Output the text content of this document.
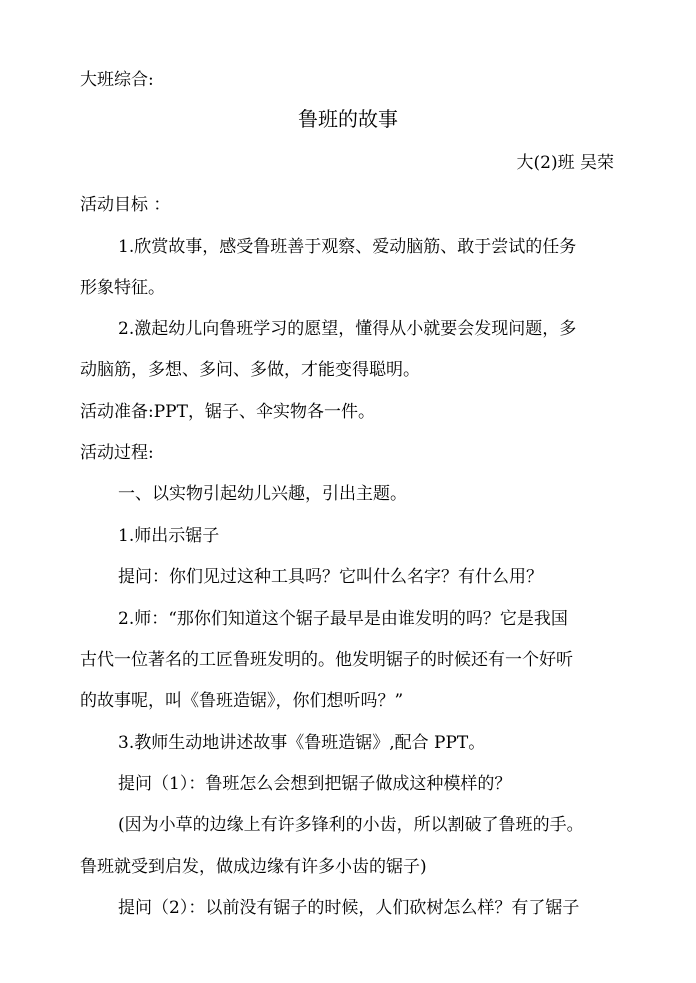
大班综合:
鲁班的故事
大(2)班 吴荣
活动目标 ：
1.欣赏故事，感受鲁班善于观察、爱动脑筋、敢于尝试的任务
形象特征。
2.激起幼儿向鲁班学习的愿望，懂得从小就要会发现问题，多
动脑筋，多想、多问、多做，才能变得聪明。
活动准备:PPT，锯子、伞实物各一件。
活动过程:
一、以实物引起幼儿兴趣，引出主题。
1.师出示锯子
提问：你们见过这种工具吗？它叫什么名字？有什么用？
2.师：“那你们知道这个锯子最早是由谁发明的吗？它是我国
古代一位著名的工匠鲁班发明的。他发明锯子的时候还有一个好听
的故事呢，叫《鲁班造锯》，你们想听吗？”
3.教师生动地讲述故事《鲁班造锯》,配合 PPT。
提问（1）：鲁班怎么会想到把锯子做成这种模样的？
(因为小草的边缘上有许多锋利的小齿，所以割破了鲁班的手。
鲁班就受到启发，做成边缘有许多小齿的锯子)
提问（2）：以前没有锯子的时候，人们砍树怎么样？有了锯子
